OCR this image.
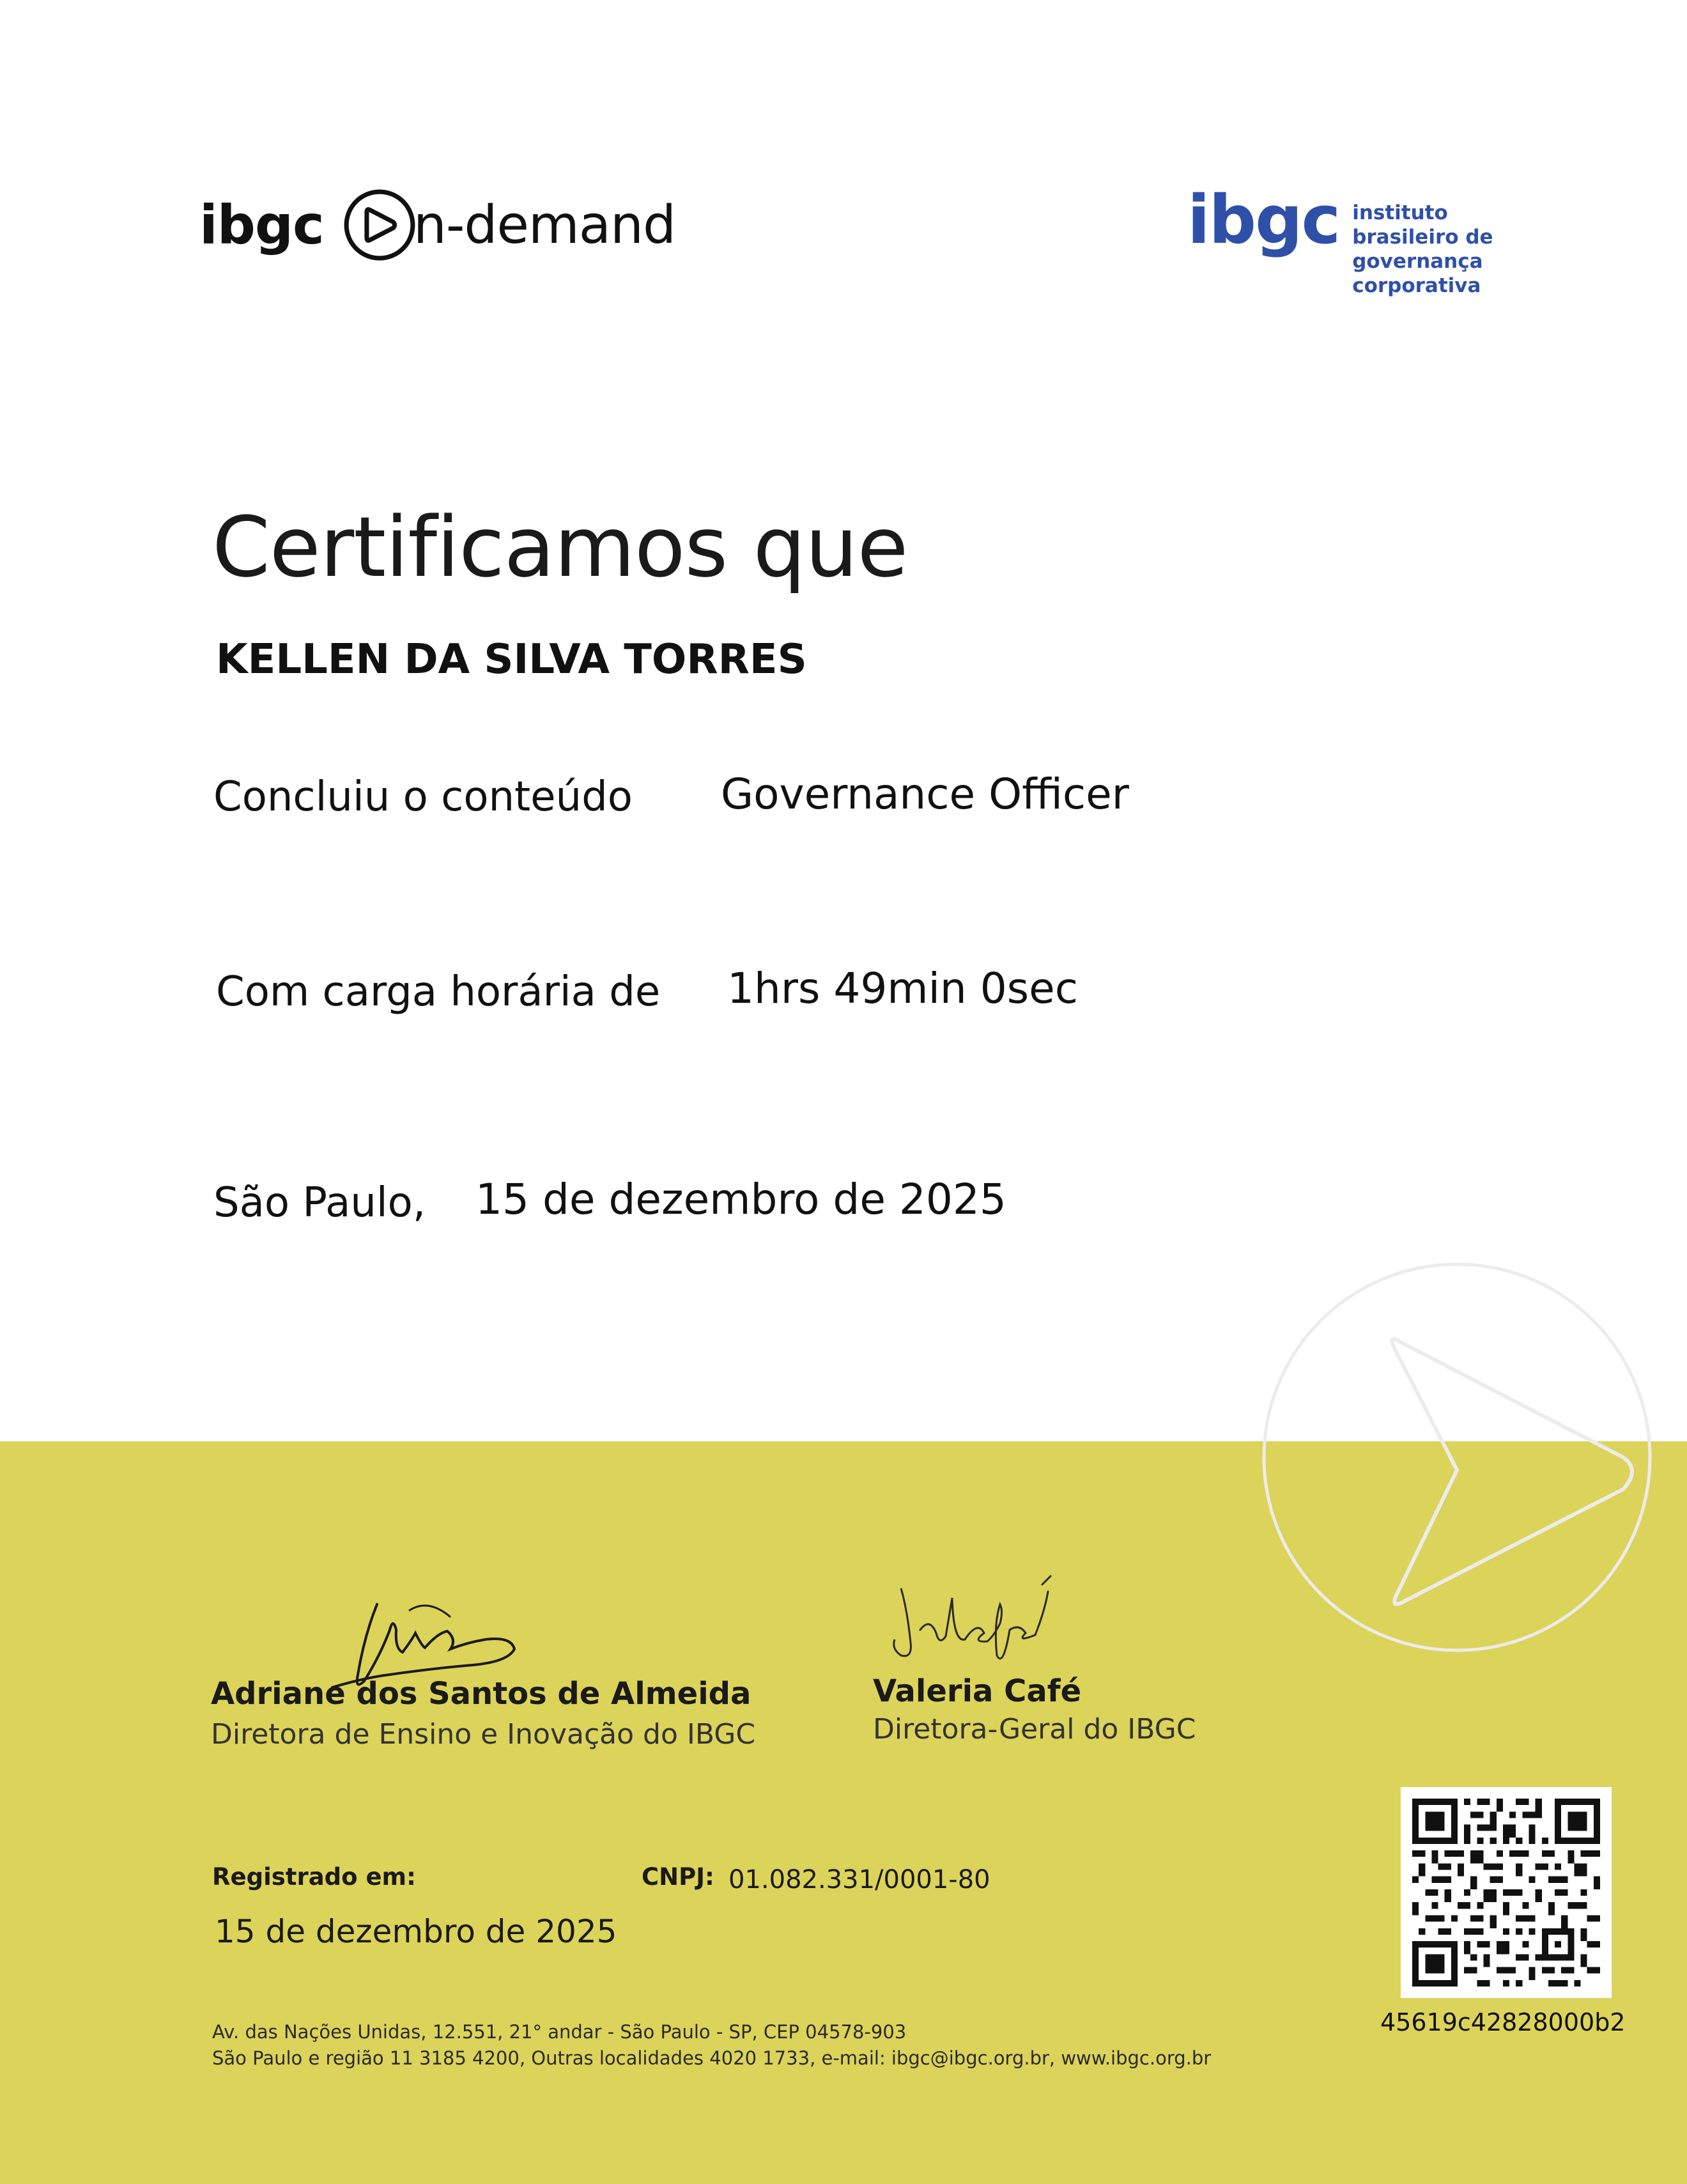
ibgc n-demand	ibgc instituto
brasileiro de
governança
corporativa
Certificamos que
KELLEN DA SILVA TORRES
Concluiu o conteúdo Governance Officer
Com carga horária de 1hrs 49min 0sec
São Paulo, 15 de dezembro de 2025
Adriane dos Santos de Almeida
Diretora de Ensino e Inovação do IBGC
Valeria Café
Diretora-Geral do IBGC
Registrado em:
15 de dezembro de 2025
CNPJ: 01.082.331/0001-80
Av. das Nações Unidas, 12.551, 21° andar - São Paulo - SP, CEP 04578-903
São Paulo e região 11 3185 4200, Outras localidades 4020 1733, e-mail: ibgc@ibgc.org.br, www.ibgc.org.br
45619c42828000b2
